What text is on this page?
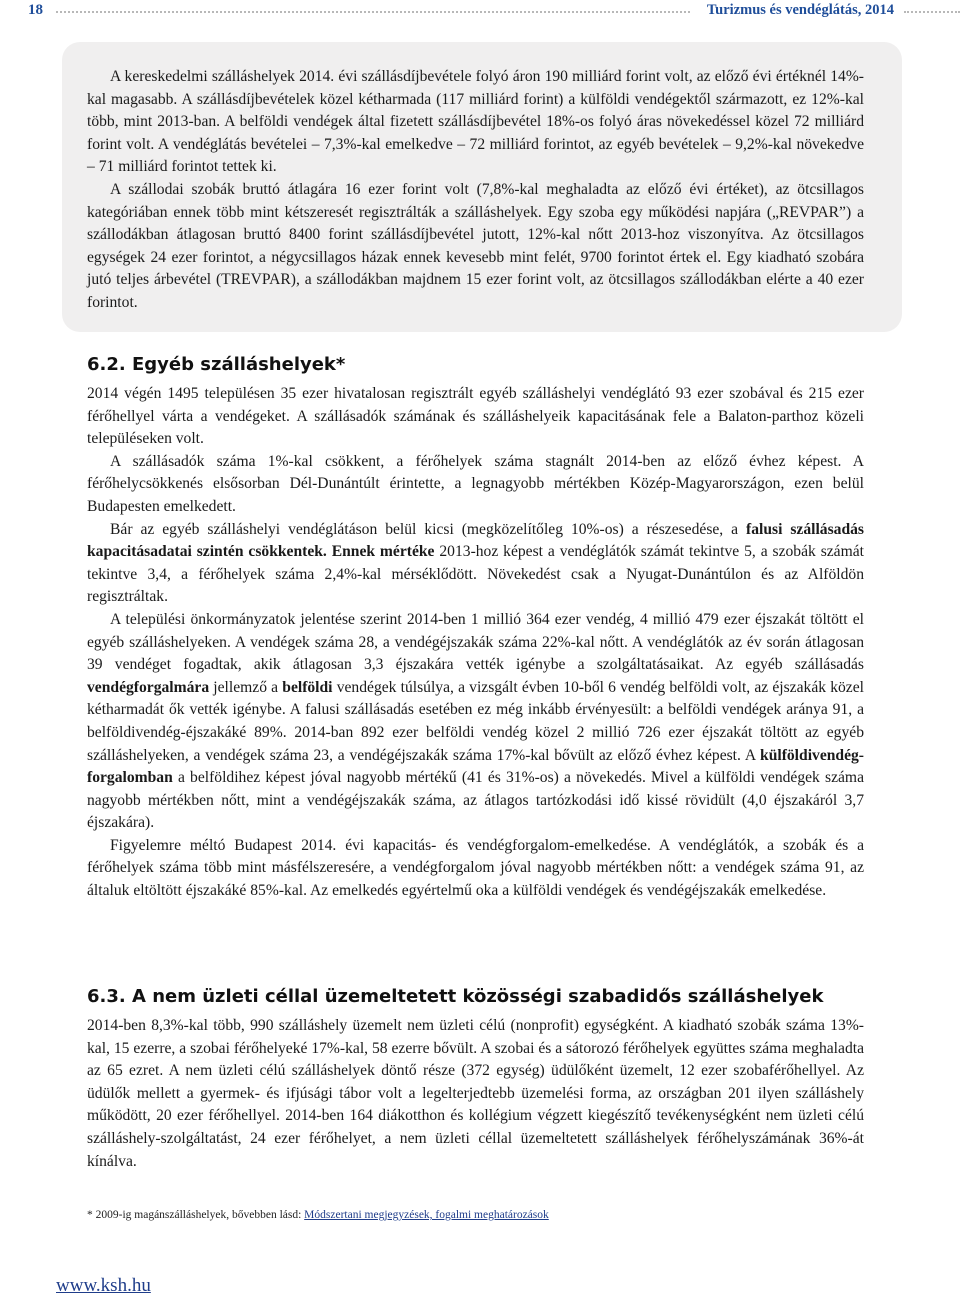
18	Turizmus és vendéglátás, 2014

A kereskedelmi szálláshelyek 2014. évi szállásdíjbevétele folyó áron 190 milliárd forint volt, az előző évi értéknél 14%-kal magasabb. A szállásdíjbevételek közel kétharmada (117 milliárd forint) a külföldi vendégektől származott, ez 12%-kal több, mint 2013-ban. A belföldi vendégek által fizetett szállásdíjbevétel 18%-os folyó áras növekedéssel közel 72 milliárd forint volt. A vendéglátás bevételei – 7,3%-kal emelkedve – 72 milliárd forintot, az egyéb bevételek – 9,2%-kal növekedve – 71 milliárd forintot tettek ki.

A szállodai szobák bruttó átlagára 16 ezer forint volt (7,8%-kal meghaladta az előző évi értéket), az ötcsillagos kategóriában ennek több mint kétszeresét regisztrálták a szálláshelyek. Egy szoba egy működési napjára („REVPAR”) a szállodákban átlagosan bruttó 8400 forint szállásdíjbevétel jutott, 12%-kal nőtt 2013-hoz viszonyítva. Az ötcsillagos egységek 24 ezer forintot, a négycsillagos házak ennek kevesebb mint felét, 9700 forintot értek el. Egy kiadható szobára jutó teljes árbevétel (TREVPAR), a szállodákban majdnem 15 ezer forint volt, az ötcsillagos szállodákban elérte a 40 ezer forintot.

6.2. Egyéb szálláshelyek*

2014 végén 1495 településen 35 ezer hivatalosan regisztrált egyéb szálláshelyi vendéglátó 93 ezer szobával és 215 ezer férőhellyel várta a vendégeket. A szállásadók számának és szálláshelyeik kapacitásának fele a Balaton-parthoz közeli településeken volt.

A szállásadók száma 1%-kal csökkent, a férőhelyek száma stagnált 2014-ben az előző évhez képest. A férőhelycsökkenés elsősorban Dél-Dunántúlt érintette, a legnagyobb mértékben Közép-Magyarországon, ezen belül Budapesten emelkedett.

Bár az egyéb szálláshelyi vendéglátáson belül kicsi (megközelítőleg 10%-os) a részesedése, a falusi szállásadás kapacitásadatai szintén csökkentek. Ennek mértéke 2013-hoz képest a vendéglátók számát tekintve 5, a szobák számát tekintve 3,4, a férőhelyek száma 2,4%-kal mérséklődött. Növekedést csak a Nyugat-Dunántúlon és az Alföldön regisztráltak.

A települési önkormányzatok jelentése szerint 2014-ben 1 millió 364 ezer vendég, 4 millió 479 ezer éjszakát töltött el egyéb szálláshelyeken. A vendégek száma 28, a vendégéjszakák száma 22%-kal nőtt. A vendéglátók az év során átlagosan 39 vendéget fogadtak, akik átlagosan 3,3 éjszakára vették igénybe a szolgáltatásaikat. Az egyéb szállásadás vendégforgalmára jellemző a belföldi vendégek túlsúlya, a vizsgált évben 10-ből 6 vendég belföldi volt, az éjszakák közel kétharmadát ők vették igénybe. A falusi szállásadás esetében ez még inkább érvényesült: a belföldi vendégek aránya 91, a belföldivendég-éjszakáké 89%. 2014-ban 892 ezer belföldi vendég közel 2 millió 726 ezer éjszakát töltött az egyéb szálláshelyeken, a vendégek száma 23, a vendégéjszakák száma 17%-kal bővült az előző évhez képest. A külföldivendég-forgalomban a belföldihez képest jóval nagyobb mértékű (41 és 31%-os) a növekedés. Mivel a külföldi vendégek száma nagyobb mértékben nőtt, mint a vendégéjszakák száma, az átlagos tartózkodási idő kissé rövidült (4,0 éjszakáról 3,7 éjszakára).

Figyelemre méltó Budapest 2014. évi kapacitás- és vendégforgalom-emelkedése. A vendéglátók, a szobák és a férőhelyek száma több mint másfélszeresére, a vendégforgalom jóval nagyobb mértékben nőtt: a vendégek száma 91, az általuk eltöltött éjszakáké 85%-kal. Az emelkedés egyértelmű oka a külföldi vendégek és vendégéjszakák emelkedése.

6.3. A nem üzleti céllal üzemeltetett közösségi szabadidős szálláshelyek

2014-ben 8,3%-kal több, 990 szálláshely üzemelt nem üzleti célú (nonprofit) egységként. A kiadható szobák száma 13%-kal, 15 ezerre, a szobai férőhelyeké 17%-kal, 58 ezerre bővült. A szobai és a sátorozó férőhelyek együttes száma meghaladta az 65 ezret. A nem üzleti célú szálláshelyek döntő része (372 egység) üdülőként üzemelt, 12 ezer szobaférőhellyel. Az üdülők mellett a gyermek- és ifjúsági tábor volt a legelterjedtebb üzemelési forma, az országban 201 ilyen szálláshely működött, 20 ezer férőhellyel. 2014-ben 164 diákotthon és kollégium végzett kiegészítő tevékenységként nem üzleti célú szálláshely-szolgáltatást, 24 ezer férőhelyet, a nem üzleti céllal üzemeltetett szálláshelyek férőhelyszámának 36%-át kínálva.

* 2009-ig magánszálláshelyek, bővebben lásd: Módszertani megjegyzések, fogalmi meghatározások
www.ksh.hu
